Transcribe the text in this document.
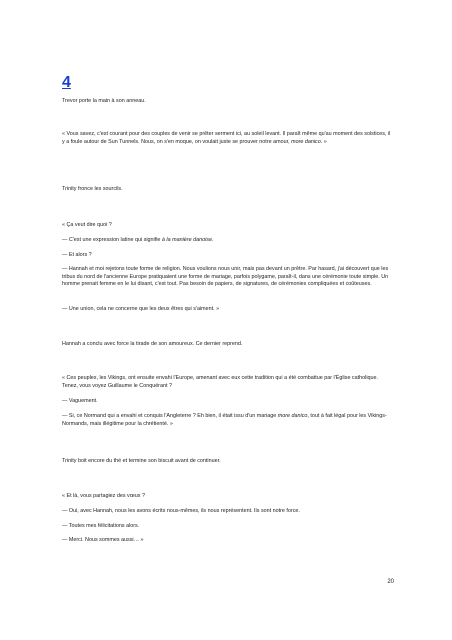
4

Trevor porte la main à son anneau.

« Vous savez, c'est courant pour des couples de venir se prêter serment ici, au soleil levant. Il paraît même qu'au moment des solstices, il y a foule autour de Sun Tunnels. Nous, on s'en moque, on voulait juste se prouver notre amour, more danico. »

Trinity fronce les sourcils.

« Ça veut dire quoi ?

— C'est une expression latine qui signifie à la manière danoise.

— Et alors ?

— Hannah et moi rejetons toute forme de religion. Nous voulions nous unir, mais pas devant un prêtre. Par hasard, j'ai découvert que les tribus du nord de l'ancienne Europe pratiquaient une forme de mariage, parfois polygame, paraît-il, dans une cérémonie toute simple. Un homme prenait femme en le lui disant, c'est tout. Pas besoin de papiers, de signatures, de cérémonies compliquées et coûteuses.

— Une union, cela ne concerne que les deux êtres qui s'aiment. »

Hannah a conclu avec force la tirade de son amoureux. Ce dernier reprend.

« Ces peuples, les Vikings, ont ensuite envahi l'Europe, amenant avec eux cette tradition qui a été combattue par l'Église catholique. Tenez, vous voyez Guillaume le Conquérant ?

— Vaguement.

— Si, ce Normand qui a envahi et conquis l'Angleterre ? Eh bien, il était issu d'un mariage more danico, tout à fait légal pour les Vikings-Normands, mais illégitime pour la chrétienté. »

Trinity boit encore du thé et termine son biscuit avant de continuer.

« Et là, vous partagiez des vœux ?

— Oui, avec Hannah, nous les avons écrits nous-mêmes, ils nous représentent. Ils sont notre force.

— Toutes mes félicitations alors.

— Merci. Nous sommes aussi… »

20
